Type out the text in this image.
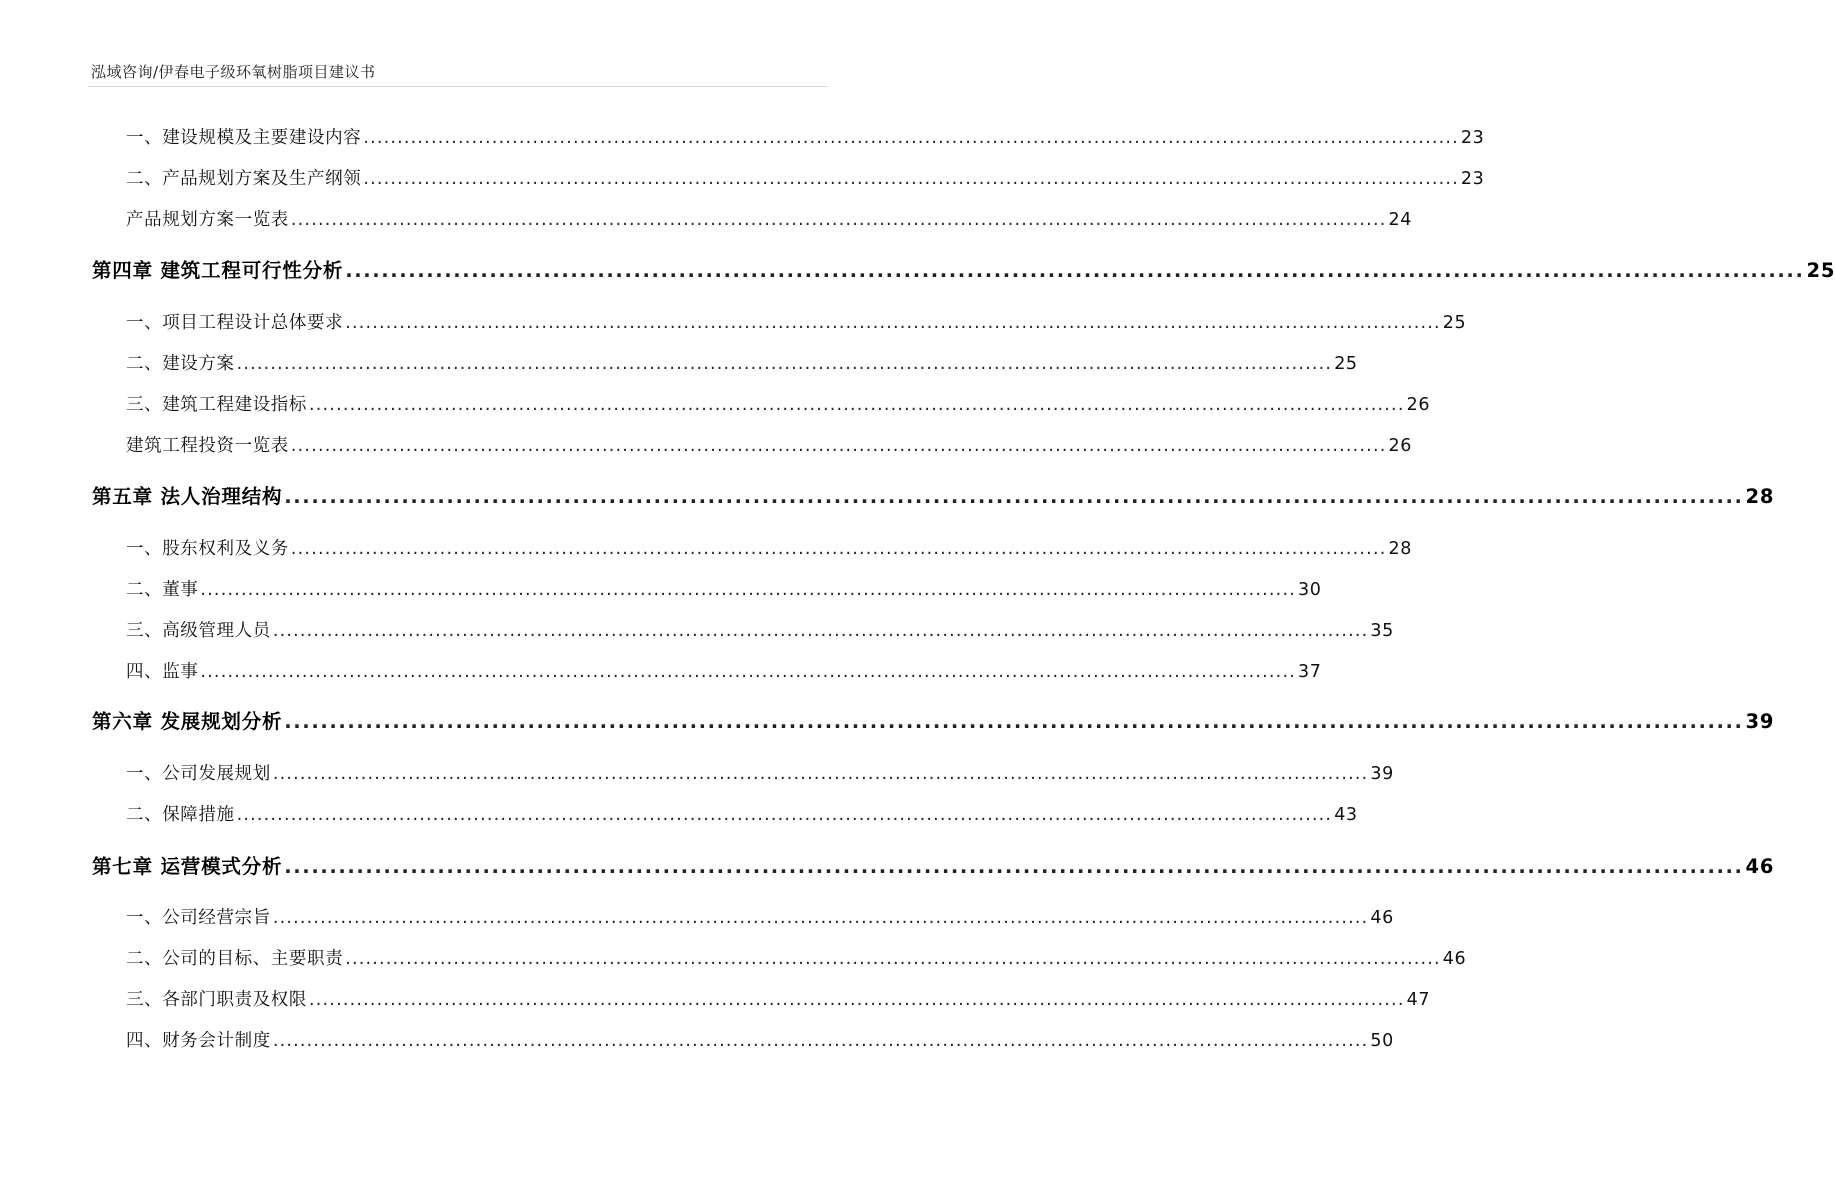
泓域咨询/伊春电子级环氧树脂项目建议书
一、 建设规模及主要建设内容 .................................................................................................................................................................. 23
二、 产品规划方案及生产纲领 .................................................................................................................................................................. 23
产品规划方案一览表 .................................................................................................................................................................. 24
第四章 建筑工程可行性分析 .................................................................................................................................................................. 25
一、 项目工程设计总体要求 .................................................................................................................................................................. 25
二、 建设方案 .................................................................................................................................................................. 25
三、 建筑工程建设指标 .................................................................................................................................................................. 26
建筑工程投资一览表 .................................................................................................................................................................. 26
第五章 法人治理结构 .................................................................................................................................................................. 28
一、 股东权利及义务 .................................................................................................................................................................. 28
二、 董事 .................................................................................................................................................................. 30
三、 高级管理人员 .................................................................................................................................................................. 35
四、 监事 .................................................................................................................................................................. 37
第六章 发展规划分析 .................................................................................................................................................................. 39
一、 公司发展规划 .................................................................................................................................................................. 39
二、 保障措施 .................................................................................................................................................................. 43
第七章 运营模式分析 .................................................................................................................................................................. 46
一、 公司经营宗旨 .................................................................................................................................................................. 46
二、 公司的目标、主要职责 .................................................................................................................................................................. 46
三、 各部门职责及权限 .................................................................................................................................................................. 47
四、 财务会计制度 .................................................................................................................................................................. 50
